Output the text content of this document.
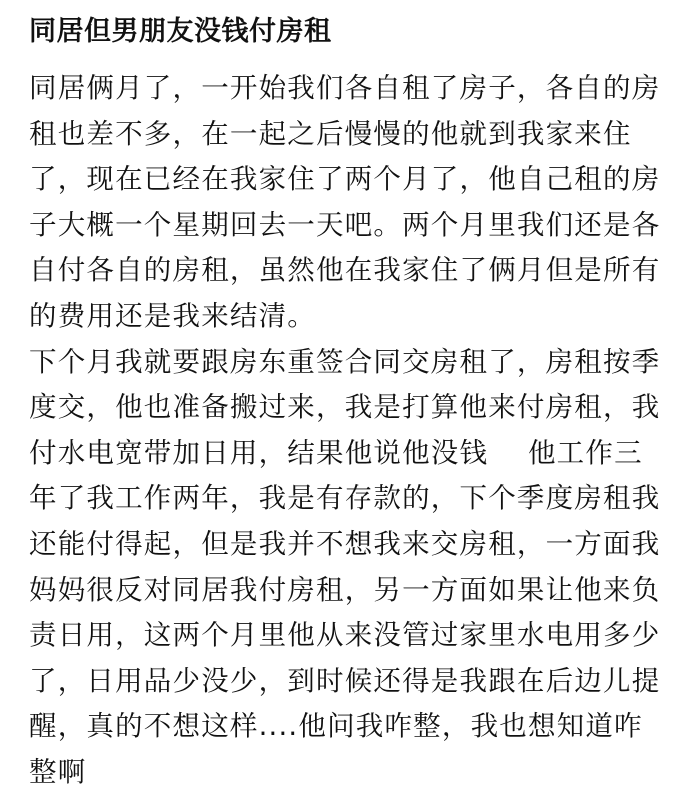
同居但男朋友没钱付房租

同居俩月了，一开始我们各自租了房子，各自的房租也差不多，在一起之后慢慢的他就到我家来住了，现在已经在我家住了两个月了，他自己租的房子大概一个星期回去一天吧。两个月里我们还是各自付各自的房租，虽然他在我家住了俩月但是所有的费用还是我来结清。

下个月我就要跟房东重签合同交房租了，房租按季度交，他也准备搬过来，我是打算他来付房租，我付水电宽带加日用，结果他说他没钱    他工作三年了我工作两年，我是有存款的，下个季度房租我还能付得起，但是我并不想我来交房租，一方面我妈妈很反对同居我付房租，另一方面如果让他来负责日用，这两个月里他从来没管过家里水电用多少了，日用品少没少，到时候还得是我跟在后边儿提醒，真的不想这样....他问我咋整，我也想知道咋整啊
